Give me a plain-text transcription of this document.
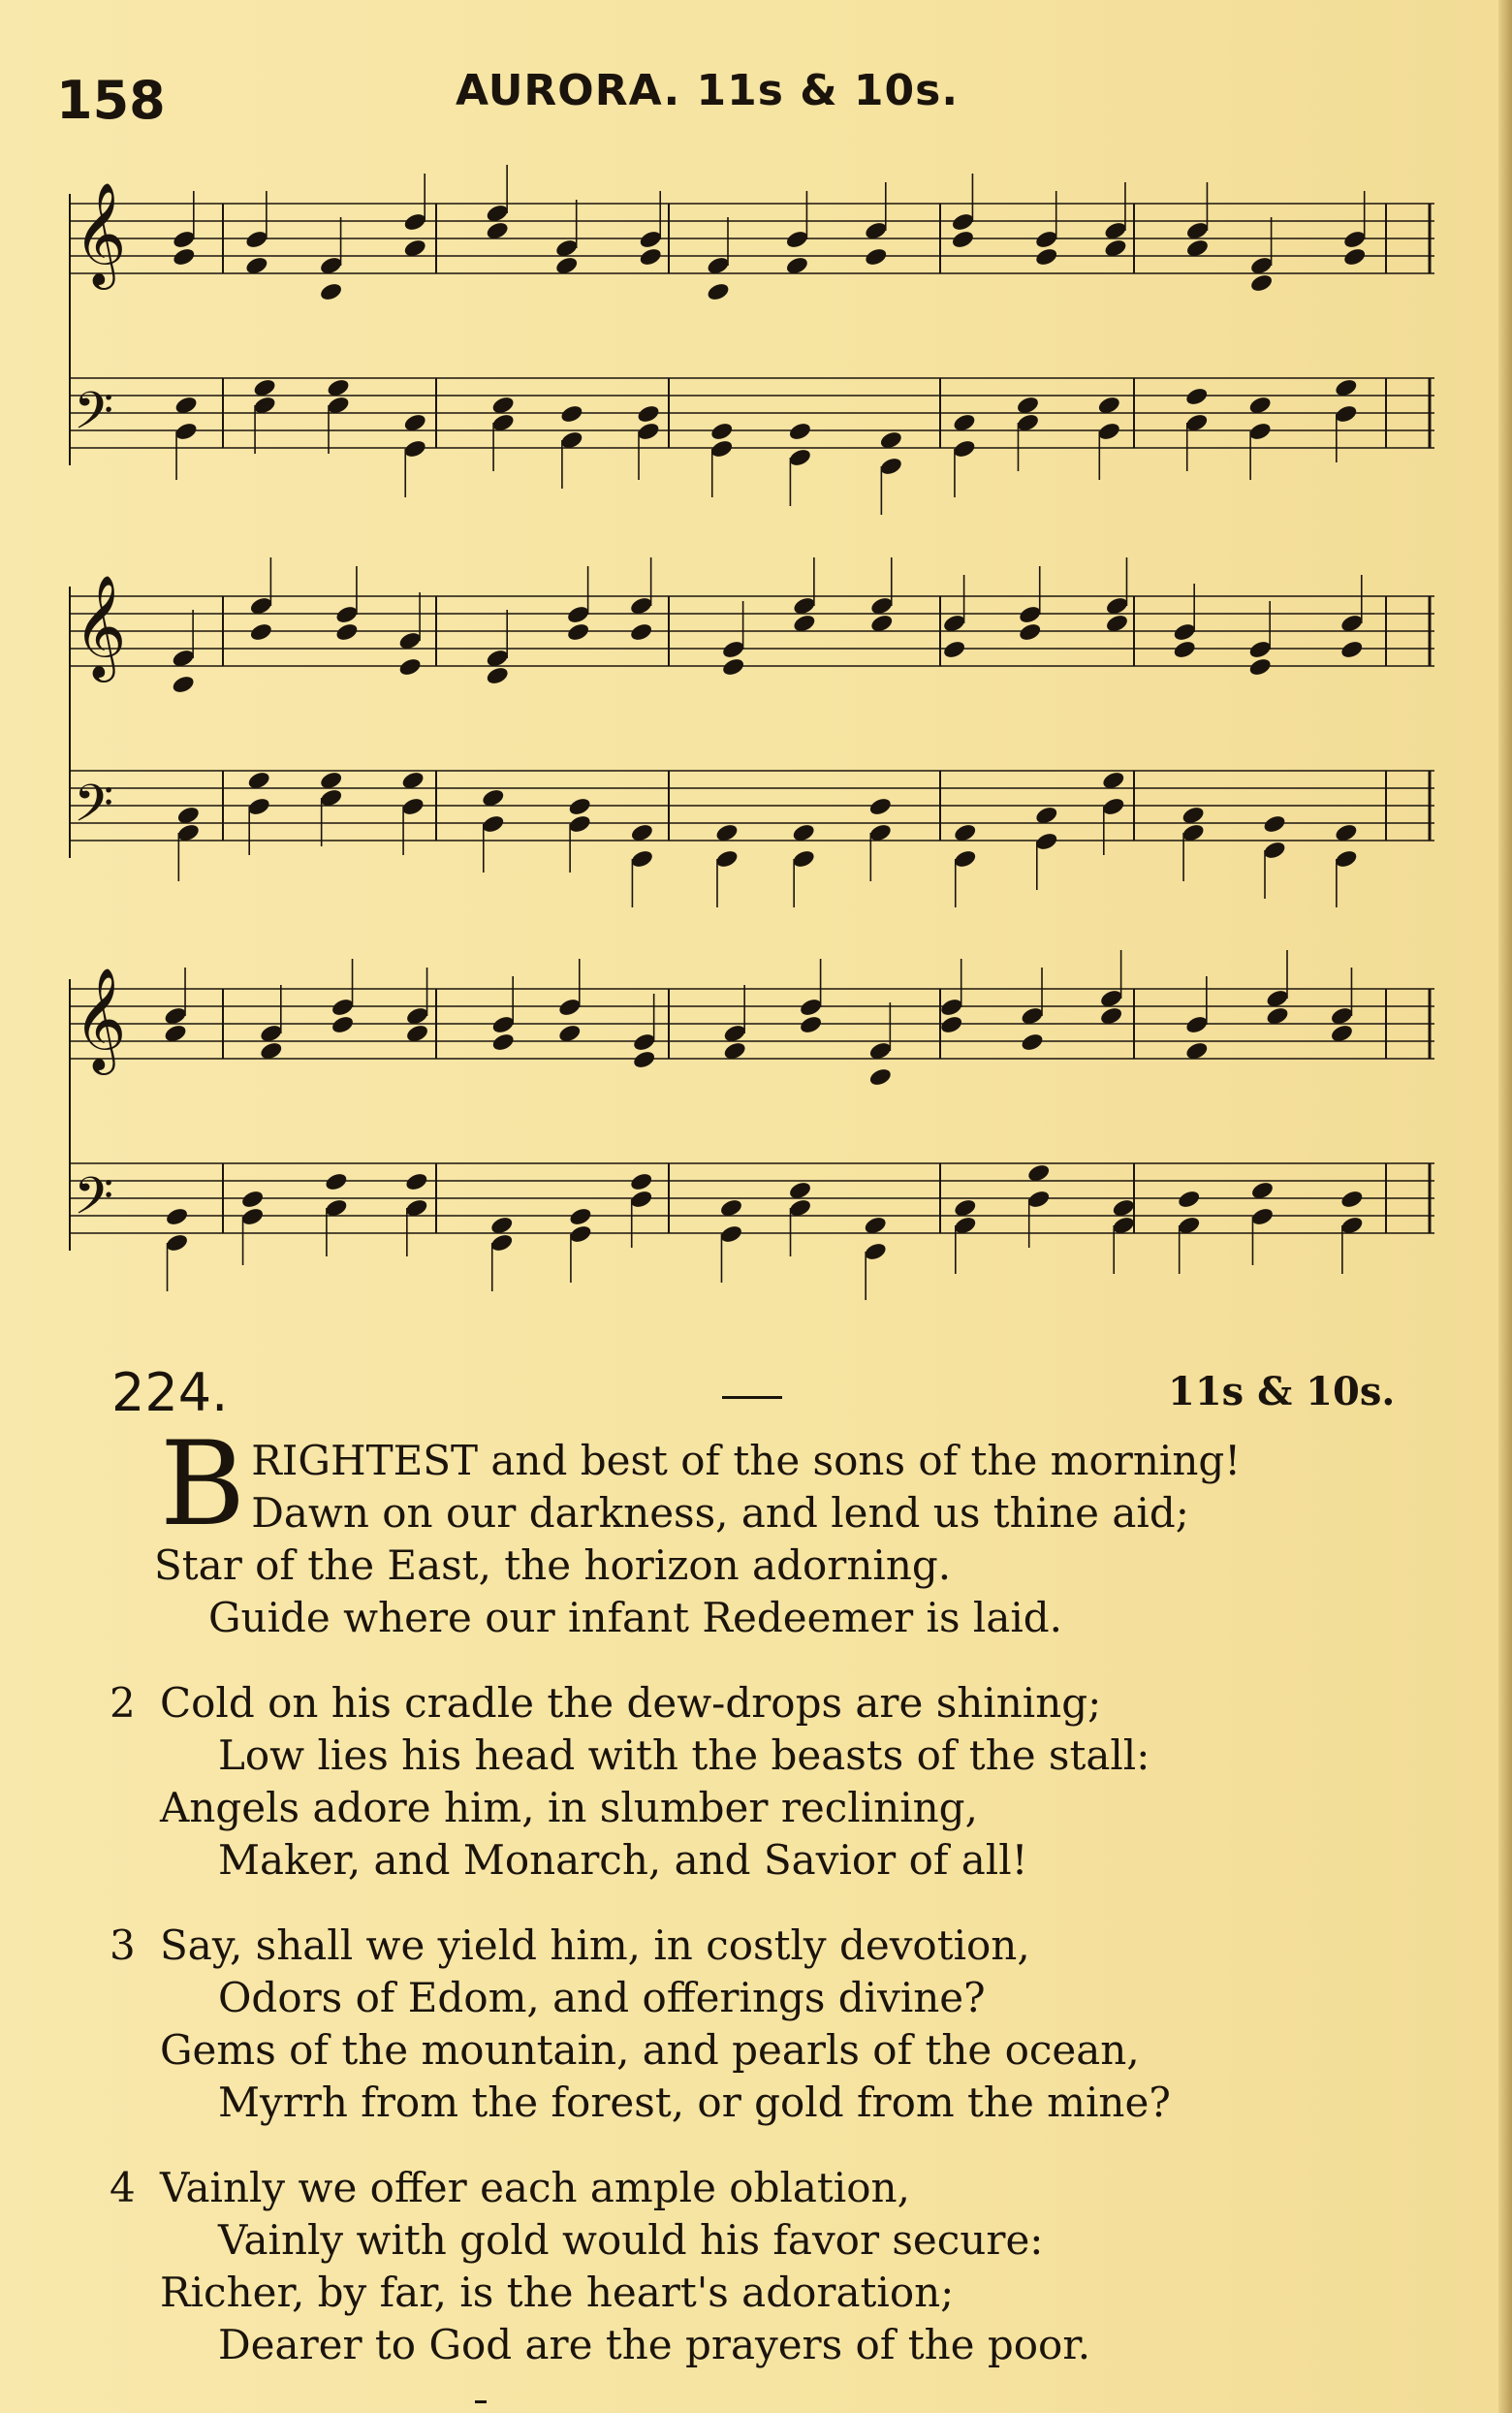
158	AURORA. 11s & 10s.
𝄞
𝄢
𝄞
𝄢
𝄞
𝄢
224.	11s & 10s.
B RIGHTEST and best of the sons of the morning!
Dawn on our darkness, and lend us thine aid;
Star of the East, the horizon adorning.
Guide where our infant Redeemer is laid.
2 Cold on his cradle the dew-drops are shining;
Low lies his head with the beasts of the stall:
Angels adore him, in slumber reclining,
Maker, and Monarch, and Savior of all!
3 Say, shall we yield him, in costly devotion,
Odors of Edom, and offerings divine?
Gems of the mountain, and pearls of the ocean,
Myrrh from the forest, or gold from the mine?
4 Vainly we offer each ample oblation,
Vainly with gold would his favor secure:
Richer, by far, is the heart's adoration;
Dearer to God are the prayers of the poor.
